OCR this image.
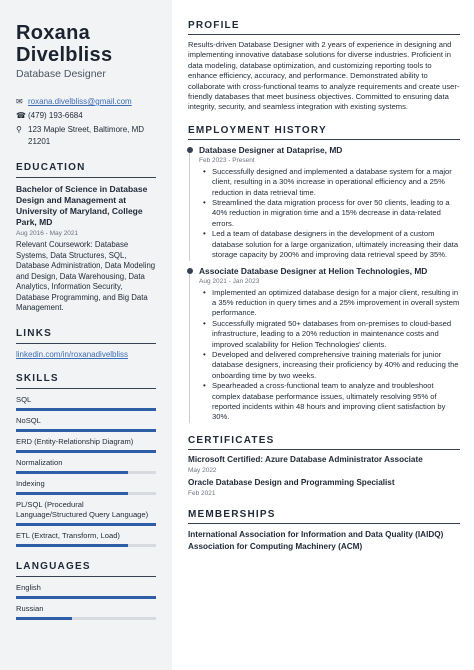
Roxana
Divelbliss
Database Designer
✉ roxana.divelbliss@gmail.com
☎ (479) 193-6684
⚲ 123 Maple Street, Baltimore, MD
21201
EDUCATION
Bachelor of Science in Database Design and Management at University of Maryland, College Park, MD
Aug 2016 - May 2021
Relevant Coursework: Database Systems, Data Structures, SQL, Database Administration, Data Modeling and Design, Data Warehousing, Data Analytics, Information Security, Database Programming, and Big Data Management.
LINKS
linkedin.com/in/roxanadivelbliss
SKILLS
SQL
NoSQL
ERD (Entity-Relationship Diagram)
Normalization
Indexing
PL/SQL (Procedural Language/Structured Query Language)
ETL (Extract, Transform, Load)
LANGUAGES
English
Russian
PROFILE
Results-driven Database Designer with 2 years of experience in designing and implementing innovative database solutions for diverse industries. Proficient in data modeling, database optimization, and customizing reporting tools to enhance efficiency, accuracy, and performance. Demonstrated ability to collaborate with cross-functional teams to analyze requirements and create user-friendly databases that meet business objectives. Committed to ensuring data integrity, security, and seamless integration with existing systems.
EMPLOYMENT HISTORY
Database Designer at Dataprise, MD
Feb 2023 - Present
• Successfully designed and implemented a database system for a major client, resulting in a 30% increase in operational efficiency and a 25% reduction in data retrieval time.
• Streamlined the data migration process for over 50 clients, leading to a 40% reduction in migration time and a 15% decrease in data-related errors.
• Led a team of database designers in the development of a custom database solution for a large organization, ultimately increasing their data storage capacity by 200% and improving data retrieval speed by 35%.
Associate Database Designer at Helion Technologies, MD
Aug 2021 - Jan 2023
• Implemented an optimized database design for a major client, resulting in a 35% reduction in query times and a 25% improvement in overall system performance.
• Successfully migrated 50+ databases from on-premises to cloud-based infrastructure, leading to a 20% reduction in maintenance costs and improved scalability for Helion Technologies' clients.
• Developed and delivered comprehensive training materials for junior database designers, increasing their proficiency by 40% and reducing the onboarding time by two weeks.
• Spearheaded a cross-functional team to analyze and troubleshoot complex database performance issues, ultimately resolving 95% of reported incidents within 48 hours and improving client satisfaction by 30%.
CERTIFICATES
Microsoft Certified: Azure Database Administrator Associate
May 2022
Oracle Database Design and Programming Specialist
Feb 2021
MEMBERSHIPS
International Association for Information and Data Quality (IAIDQ)
Association for Computing Machinery (ACM)
